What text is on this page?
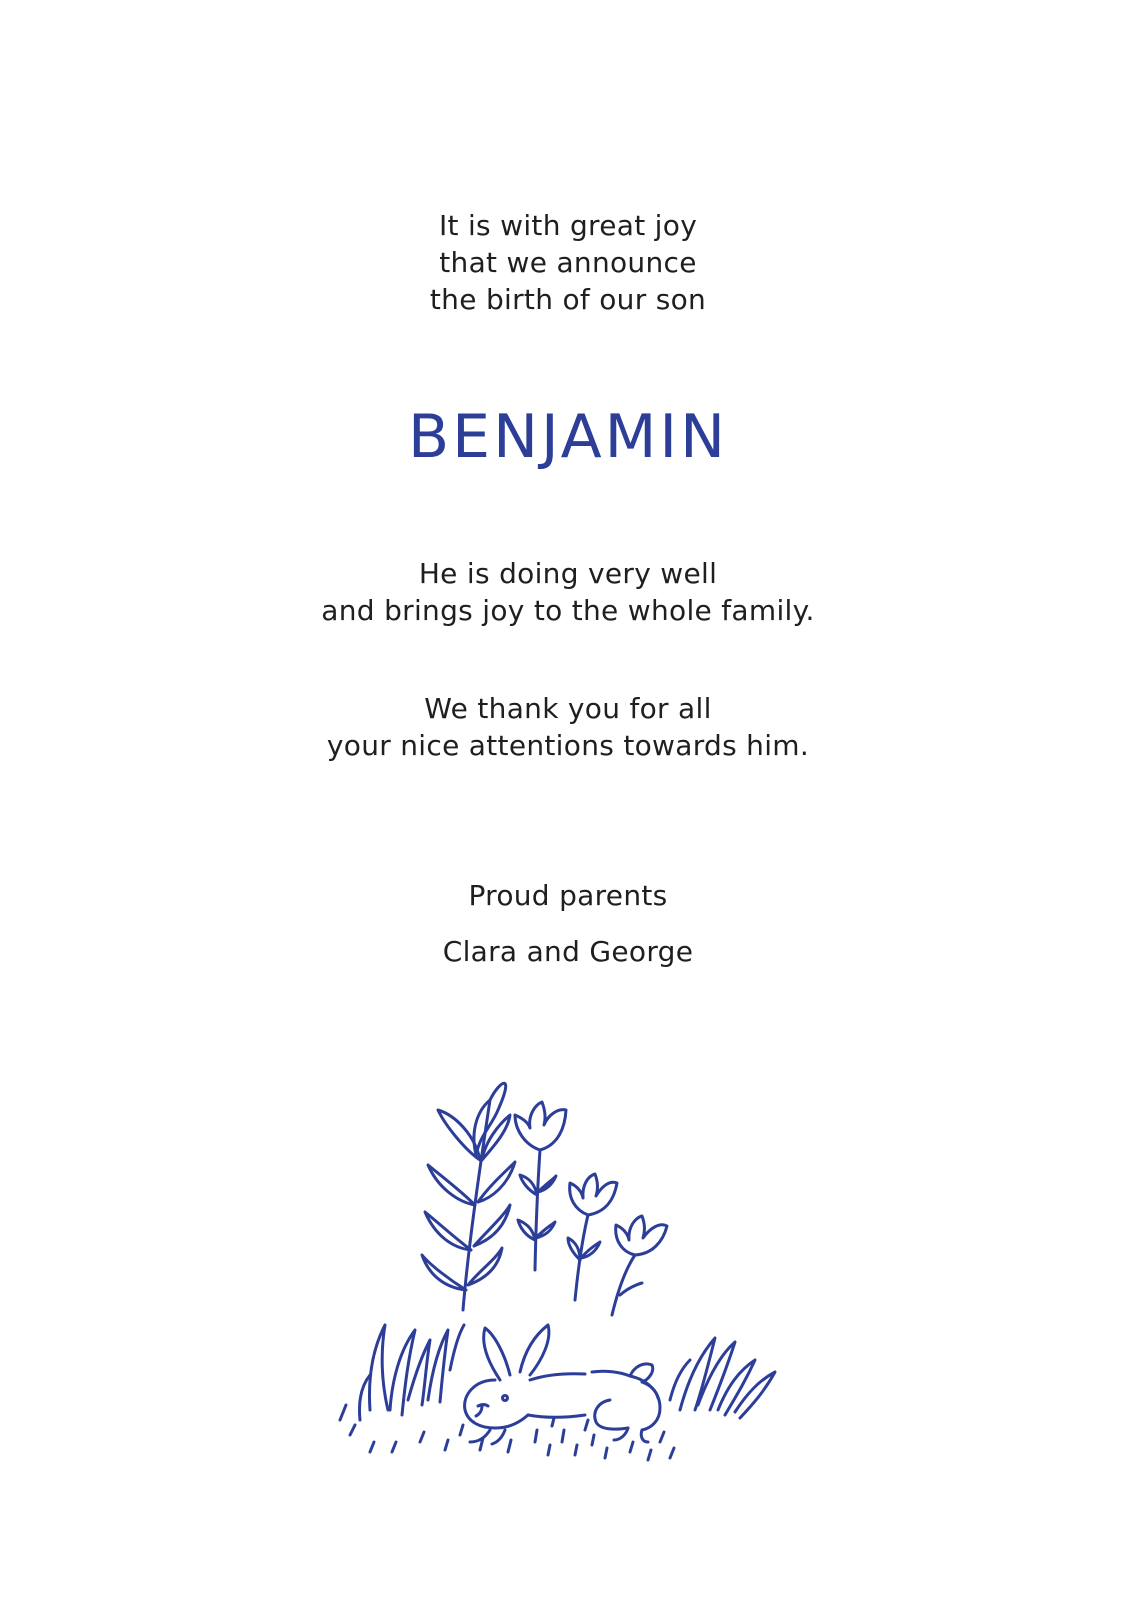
It is with great joy
that we announce
the birth of our son
BENJAMIN
He is doing very well
and brings joy to the whole family.
We thank you for all
your nice attentions towards him.
Proud parents
Clara and George
